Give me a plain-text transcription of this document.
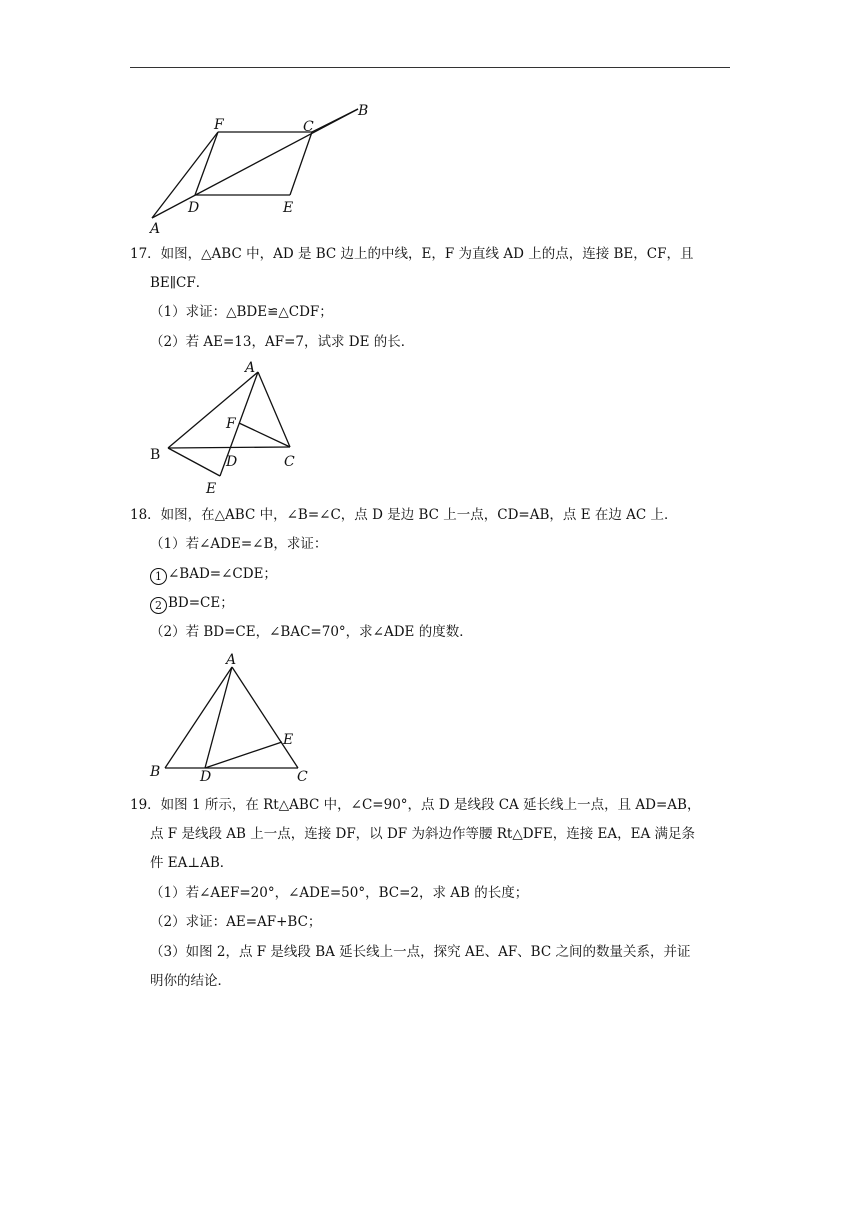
A
B
C
D	E
F
17．如图，△ABC 中，AD 是 BC 边上的中线，E，F 为直线 AD 上的点，连接 BE，CF，且
BE∥CF．
（1）求证：△BDE≌△CDF；
（2）若 AE=13，AF=7，试求 DE 的长．
A
B	C
D
E
F
18．如图，在△ABC 中，∠B=∠C，点 D 是边 BC 上一点，CD=AB，点 E 在边 AC 上．
（1）若∠ADE=∠B，求证：
1 ∠BAD=∠CDE；
2 BD=CE；
（2）若 BD=CE，∠BAC=70°，求∠ADE 的度数．
A
B	C
D
E
19．如图 1 所示，在 Rt△ABC 中，∠C=90°，点 D 是线段 CA 延长线上一点，且 AD=AB，
点 F 是线段 AB 上一点，连接 DF，以 DF 为斜边作等腰 Rt△DFE，连接 EA，EA 满足条
件 EA⊥AB．
（1）若∠AEF=20°，∠ADE=50°，BC=2，求 AB 的长度；
（2）求证：AE=AF+BC；
（3）如图 2，点 F 是线段 BA 延长线上一点，探究 AE、AF、BC 之间的数量关系，并证
明你的结论．
